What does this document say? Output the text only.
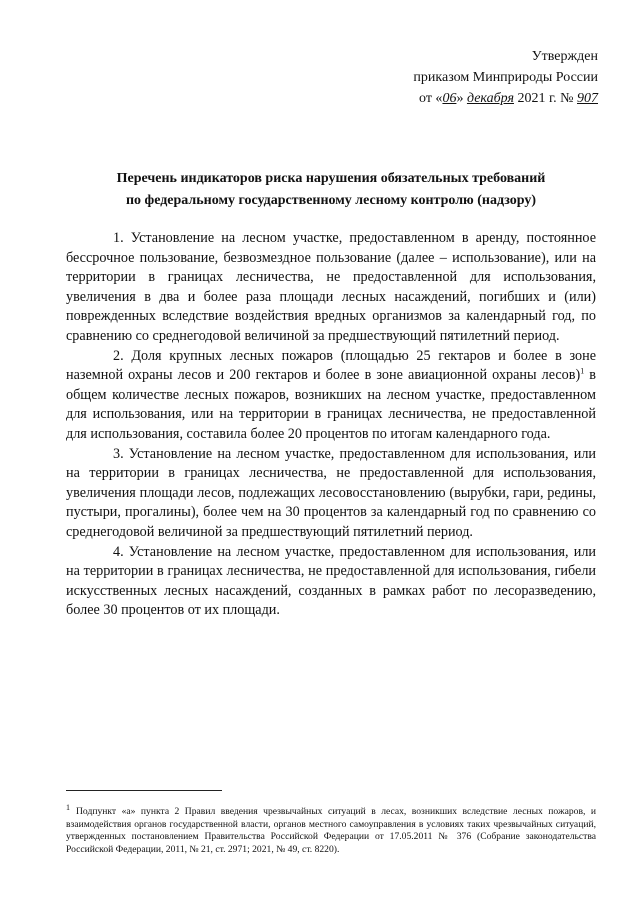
Утвержден
приказом Минприроды России
от «06» декабря 2021 г. № 907
Перечень индикаторов риска нарушения обязательных требований
по федеральному государственному лесному контролю (надзору)

1. Установление на лесном участке, предоставленном в аренду, постоянное бессрочное пользование, безвозмездное пользование (далее – использование), или на территории в границах лесничества, не предоставленной для использования, увеличения в два и более раза площади лесных насаждений, погибших и (или) поврежденных вследствие воздействия вредных организмов за календарный год, по сравнению со среднегодовой величиной за предшествующий пятилетний период.

2. Доля крупных лесных пожаров (площадью 25 гектаров и более в зоне наземной охраны лесов и 200 гектаров и более в зоне авиационной охраны лесов)$^1$ в общем количестве лесных пожаров, возникших на лесном участке, предоставленном для использования, или на территории в границах лесничества, не предоставленной для использования, составила более 20 процентов по итогам календарного года.

3. Установление на лесном участке, предоставленном для использования, или на территории в границах лесничества, не предоставленной для использования, увеличения площади лесов, подлежащих лесовосстановлению (вырубки, гари, редины, пустыри, прогалины), более чем на 30 процентов за календарный год по сравнению со среднегодовой величиной за предшествующий пятилетний период.

4. Установление на лесном участке, предоставленном для использования, или на территории в границах лесничества, не предоставленной для использования, гибели искусственных лесных насаждений, созданных в рамках работ по лесоразведению, более 30 процентов от их площади.

$^1$ Подпункт «а» пункта 2 Правил введения чрезвычайных ситуаций в лесах, возникших вследствие лесных пожаров, и взаимодействия органов государственной власти, органов местного самоуправления в условиях таких чрезвычайных ситуаций, утвержденных постановлением Правительства Российской Федерации от 17.05.2011 № 376 (Собрание законодательства Российской Федерации, 2011, № 21, ст. 2971; 2021, № 49, ст. 8220).
